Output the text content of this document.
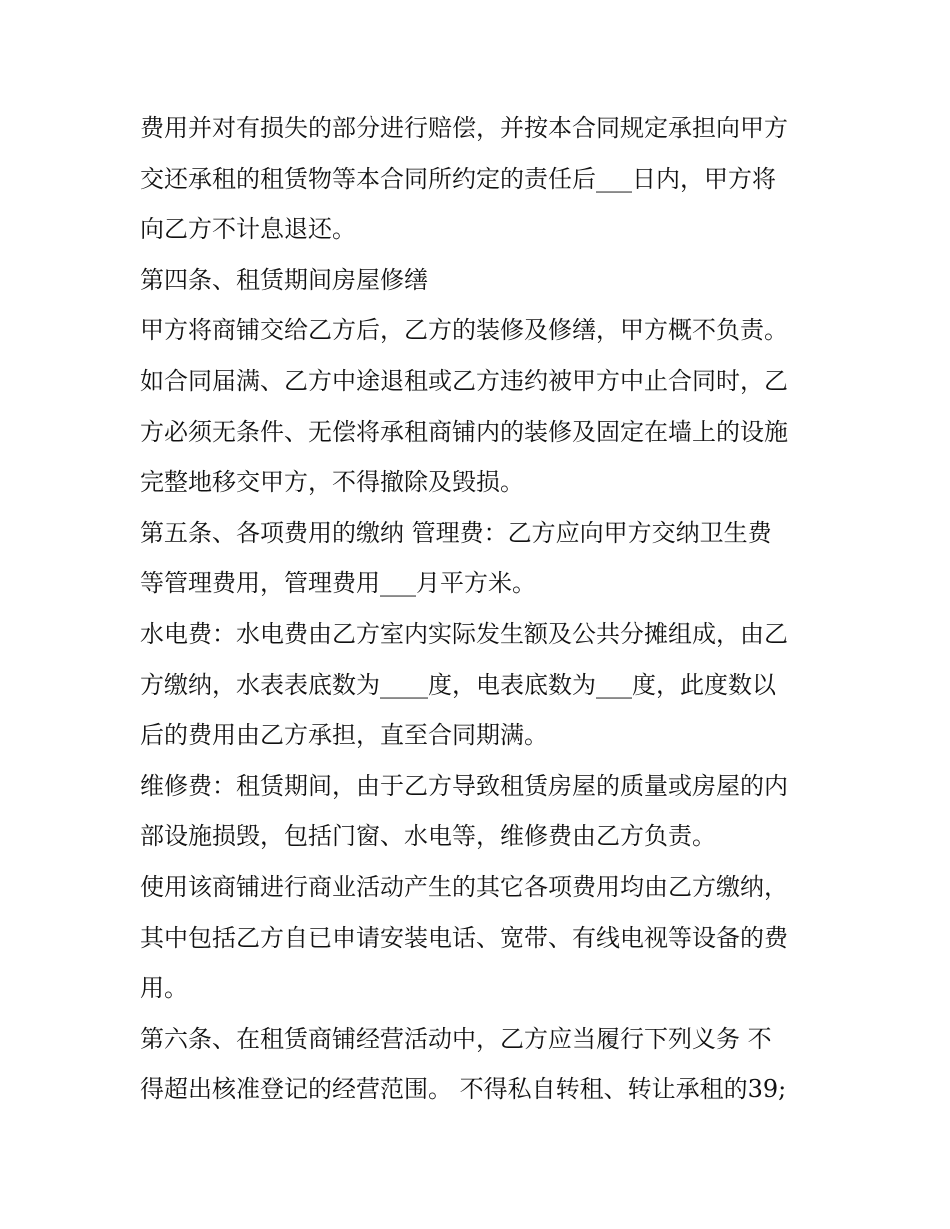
费用并对有损失的部分进行赔偿，并按本合同规定承担向甲方
交还承租的租赁物等本合同所约定的责任后___日内，甲方将
向乙方不计息退还。
第四条、租赁期间房屋修缮
甲方将商铺交给乙方后，乙方的装修及修缮，甲方概不负责。
如合同届满、乙方中途退租或乙方违约被甲方中止合同时，乙
方必须无条件、无偿将承租商铺内的装修及固定在墙上的设施
完整地移交甲方，不得撤除及毁损。
第五条、各项费用的缴纳 管理费：乙方应向甲方交纳卫生费
等管理费用，管理费用___月平方米。
水电费：水电费由乙方室内实际发生额及公共分摊组成，由乙
方缴纳，水表表底数为____度，电表底数为___度，此度数以
后的费用由乙方承担，直至合同期满。
维修费：租赁期间，由于乙方导致租赁房屋的质量或房屋的内
部设施损毁，包括门窗、水电等，维修费由乙方负责。
使用该商铺进行商业活动产生的其它各项费用均由乙方缴纳，
其中包括乙方自已申请安装电话、宽带、有线电视等设备的费
用。
第六条、在租赁商铺经营活动中，乙方应当履行下列义务 不
得超出核准登记的经营范围。 不得私自转租、转让承租的39;
